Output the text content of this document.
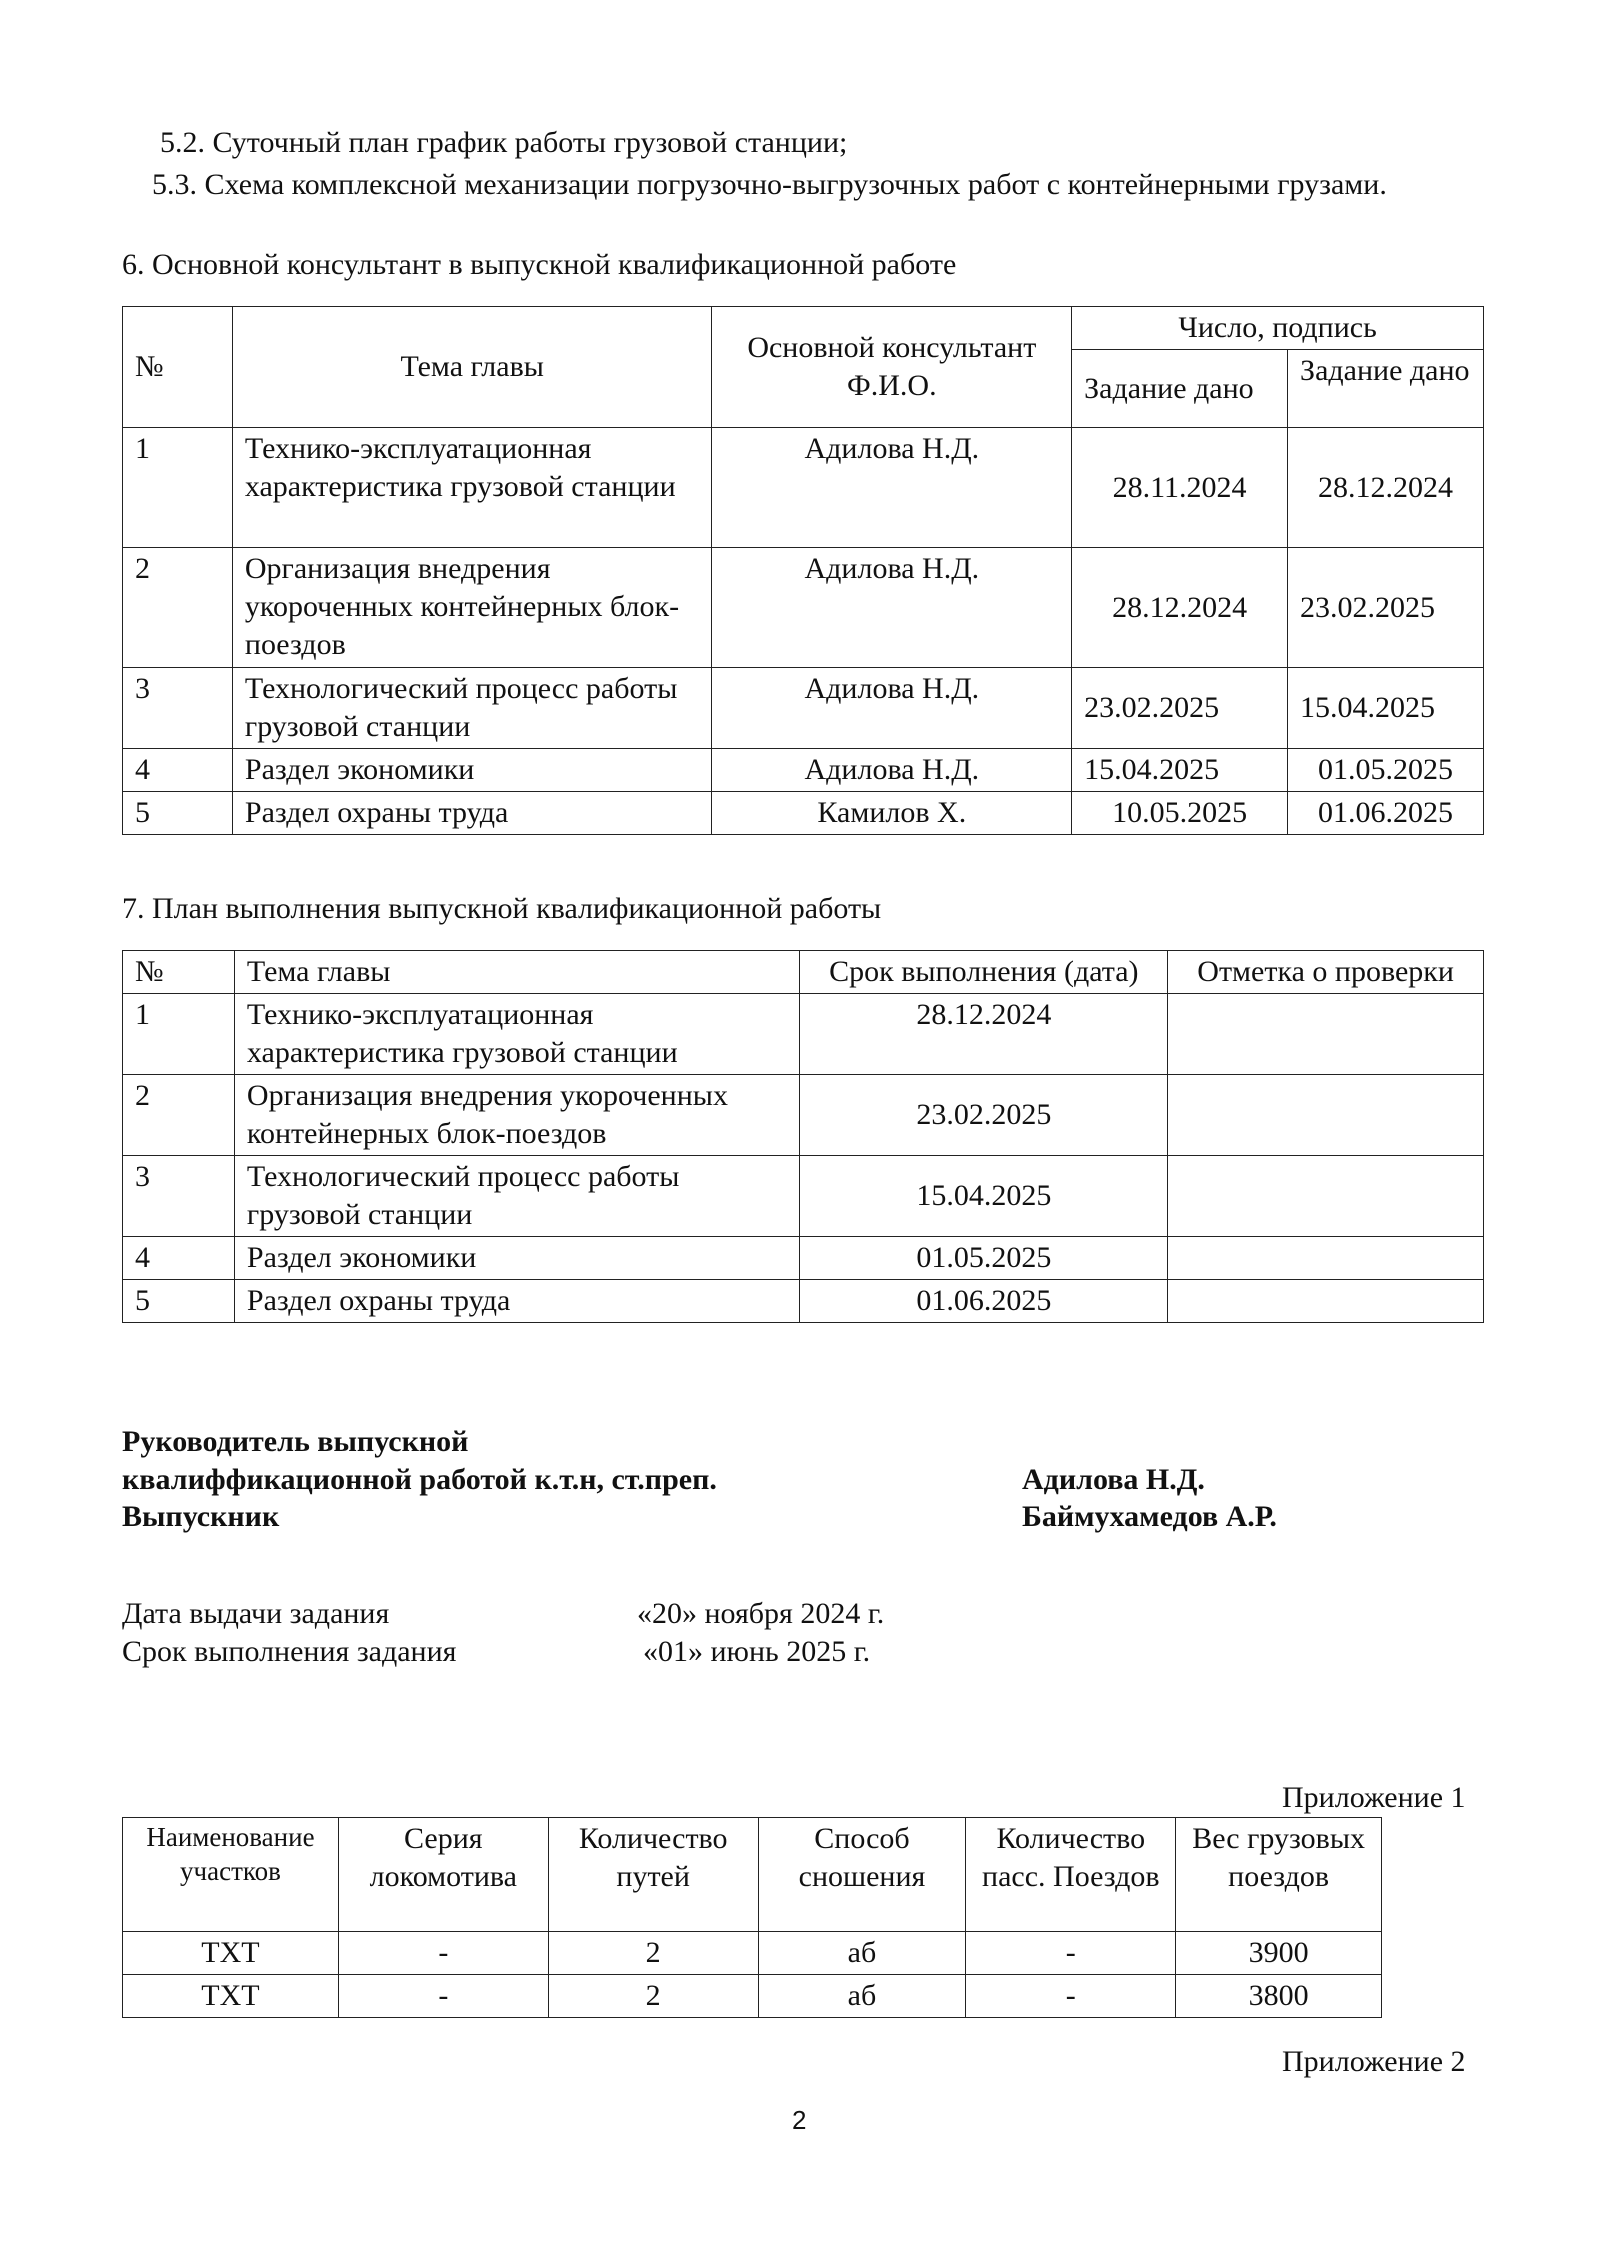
5.2. Суточный план график работы грузовой станции;
5.3. Схема комплексной механизации погрузочно-выгрузочных работ с контейнерными грузами.
6. Основной консультант в выпускной квалификационной работе
№	Тема главы	Основной консультант Ф.И.О.	Число, подпись	
			Задание дано	Задание дано
1	Технико-эксплуатационная характеристика грузовой станции	Адилова Н.Д.	28.11.2024	28.12.2024
2	Организация внедрения укороченных контейнерных блок-поездов	Адилова Н.Д.	28.12.2024	23.02.2025
3	Технологический процесс работы грузовой станции	Адилова Н.Д.	23.02.2025	15.04.2025
4	Раздел экономики	Адилова Н.Д.	15.04.2025	01.05.2025
5	Раздел охраны труда	Камилов Х.	10.05.2025	01.06.2025
7. План выполнения выпускной квалификационной работы
№	Тема главы	Срок выполнения (дата)	Отметка о проверки
1	Технико-эксплуатационная характеристика грузовой станции	28.12.2024	
2	Организация внедрения укороченных контейнерных блок-поездов	23.02.2025	
3	Технологический процесс работы грузовой станции	15.04.2025	
4	Раздел экономики	01.05.2025	
5	Раздел охраны труда	01.06.2025	
Руководитель выпускной
квалиффикационной работой к.т.н, ст.преп.	Адилова Н.Д.
Выпускник	Баймухамедов А.Р.
Дата выдачи задания	«20» ноября 2024 г.
Срок выполнения задания	«01» июнь 2025 г.
Приложение 1
Наименование участков	Серия локомотива	Количество путей	Способ сношения	Количество пасс. Поездов	Вес грузовых поездов
ТХТ	-	2	аб	-	3900
ТХТ	-	2	аб	-	3800
Приложение 2
2
